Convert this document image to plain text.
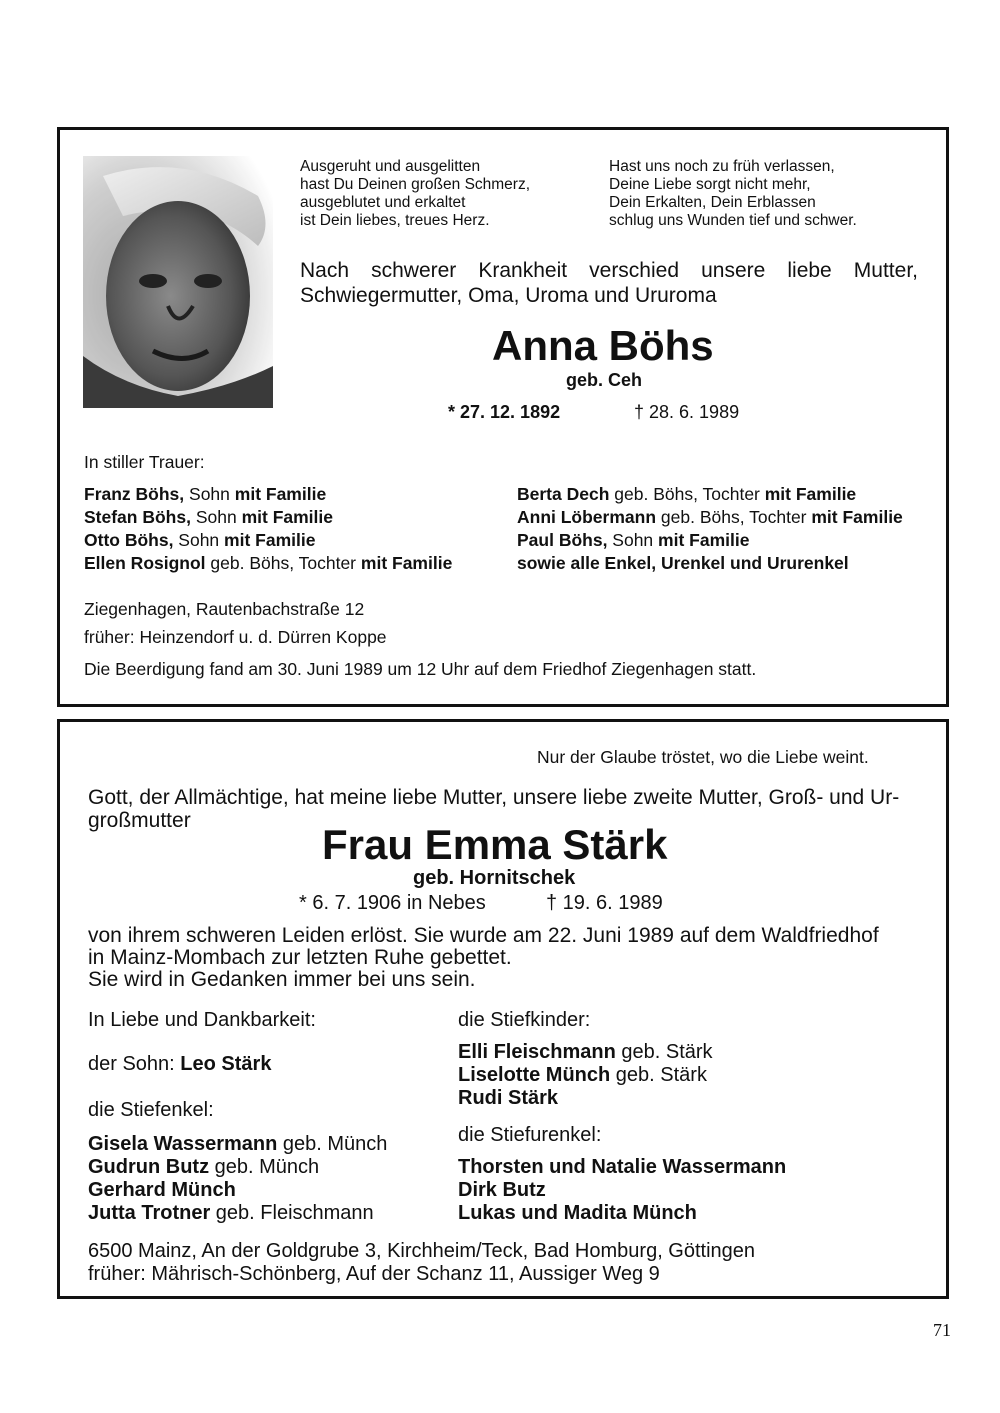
Ausgeruht und ausgelitten
hast Du Deinen großen Schmerz,
ausgeblutet und erkaltet
ist Dein liebes, treues Herz.
Hast uns noch zu früh verlassen,
Deine Liebe sorgt nicht mehr,
Dein Erkalten, Dein Erblassen
schlug uns Wunden tief und schwer.
Nach schwerer Krankheit verschied unsere liebe Mutter,
Schwiegermutter, Oma, Uroma und Ururoma
Anna Böhs
geb. Ceh
* 27. 12. 1892	† 28. 6. 1989
In stiller Trauer:
Franz Böhs, Sohn mit Familie
Stefan Böhs, Sohn mit Familie
Otto Böhs, Sohn mit Familie
Ellen Rosignol geb. Böhs, Tochter mit Familie
Berta Dech geb. Böhs, Tochter mit Familie
Anni Löbermann geb. Böhs, Tochter mit Familie
Paul Böhs, Sohn mit Familie
sowie alle Enkel, Urenkel und Ururenkel
Ziegenhagen, Rautenbachstraße 12
früher: Heinzendorf u. d. Dürren Koppe
Die Beerdigung fand am 30. Juni 1989 um 12 Uhr auf dem Friedhof Ziegenhagen statt.
Nur der Glaube tröstet, wo die Liebe weint.
Gott, der Allmächtige, hat meine liebe Mutter, unsere liebe zweite Mutter, Groß- und Ur-
großmutter
Frau Emma Stärk
geb. Hornitschek
* 6. 7. 1906 in Nebes	† 19. 6. 1989
von ihrem schweren Leiden erlöst. Sie wurde am 22. Juni 1989 auf dem Waldfriedhof
in Mainz-Mombach zur letzten Ruhe gebettet.
Sie wird in Gedanken immer bei uns sein.
In Liebe und Dankbarkeit:
der Sohn: Leo Stärk
die Stiefenkel:
Gisela Wassermann geb. Münch
Gudrun Butz geb. Münch
Gerhard Münch
Jutta Trotner geb. Fleischmann
die Stiefkinder:
Elli Fleischmann geb. Stärk
Liselotte Münch geb. Stärk
Rudi Stärk
die Stiefurenkel:
Thorsten und Natalie Wassermann
Dirk Butz
Lukas und Madita Münch
6500 Mainz, An der Goldgrube 3, Kirchheim/Teck, Bad Homburg, Göttingen
früher: Mährisch-Schönberg, Auf der Schanz 11, Aussiger Weg 9
71
